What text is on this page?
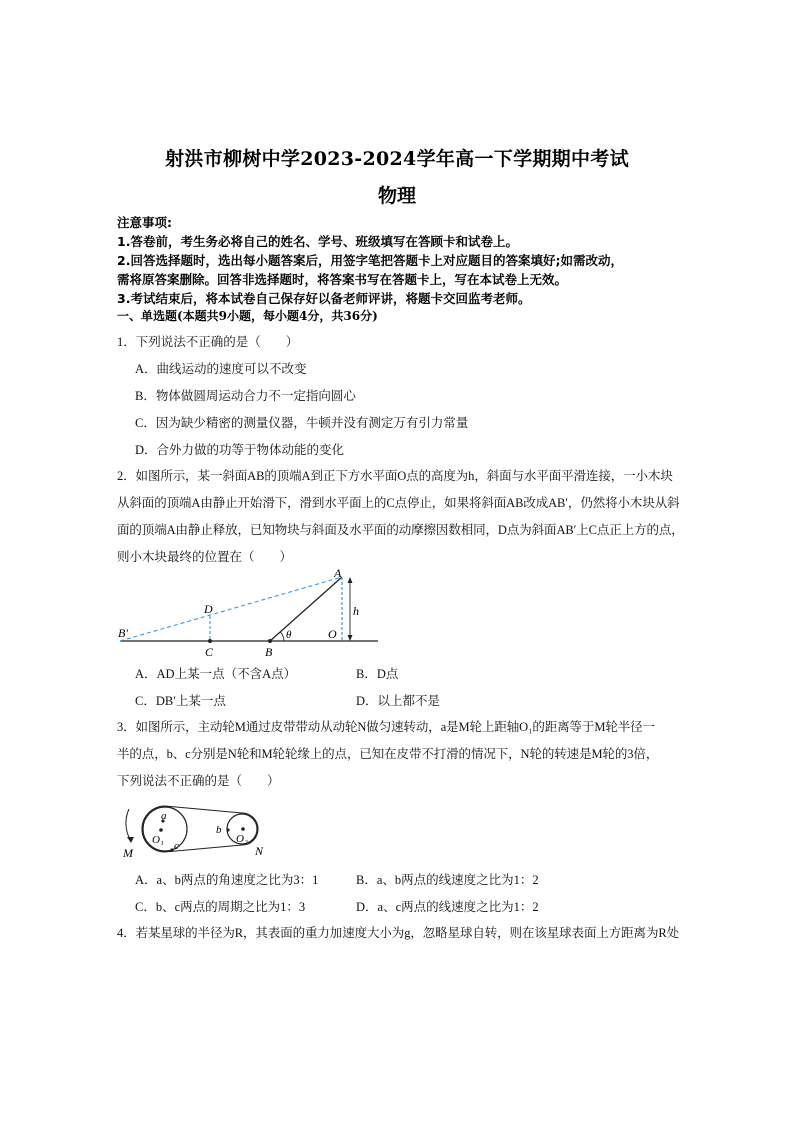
射洪市柳树中学2023-2024学年高一下学期期中考试
物理
注意事项:
1.答卷前，考生务必将自己的姓名、学号、班级填写在答顾卡和试卷上。
2.回答选择题时，选出每小题答案后，用签字笔把答题卡上对应题目的答案填好;如需改动，
需将原答案删除。回答非选择题时，将答案书写在答题卡上，写在本试卷上无效。
3.考试结束后，将本试卷自己保存好以备老师评讲，将题卡交回监考老师。
一、单选题(本题共9小题，每小题4分，共36分)
1．下列说法不正确的是（　　）
A．曲线运动的速度可以不改变
B．物体做圆周运动合力不一定指向圆心
C．因为缺少精密的测量仪器，牛顿并没有测定万有引力常量
D．合外力做的功等于物体动能的变化
2．如图所示，某一斜面AB的顶端A到正下方水平面O点的高度为h，斜面与水平面平滑连接，一小木块
从斜面的顶端A由静止开始滑下，滑到水平面上的C点停止，如果将斜面AB改成AB′，仍然将小木块从斜
面的顶端A由静止释放，已知物块与斜面及水平面的动摩擦因数相同，D点为斜面AB′上C点正上方的点，
则小木块最终的位置在（　　）
A
D	h
B′
C	B
θ	O
A．AD上某一点（不含A点）	B．D点
C．DB′上某一点	D．以上都不是
3．如图所示，主动轮M通过皮带带动从动轮N做匀速转动，a是M轮上距轴O₁的距离等于M轮半径一
半的点，b、c分别是N轮和M轮轮缘上的点，已知在皮带不打滑的情况下，N轮的转速是M轮的3倍，
下列说法不正确的是（　　）
a
O₁ c
b
O₂
M	N
A．a、b两点的角速度之比为3：1	B．a、b两点的线速度之比为1：2
C．b、c两点的周期之比为1：3	D．a、c两点的线速度之比为1：2
4．若某星球的半径为R，其表面的重力加速度大小为g，忽略星球自转，则在该星球表面上方距离为R处
